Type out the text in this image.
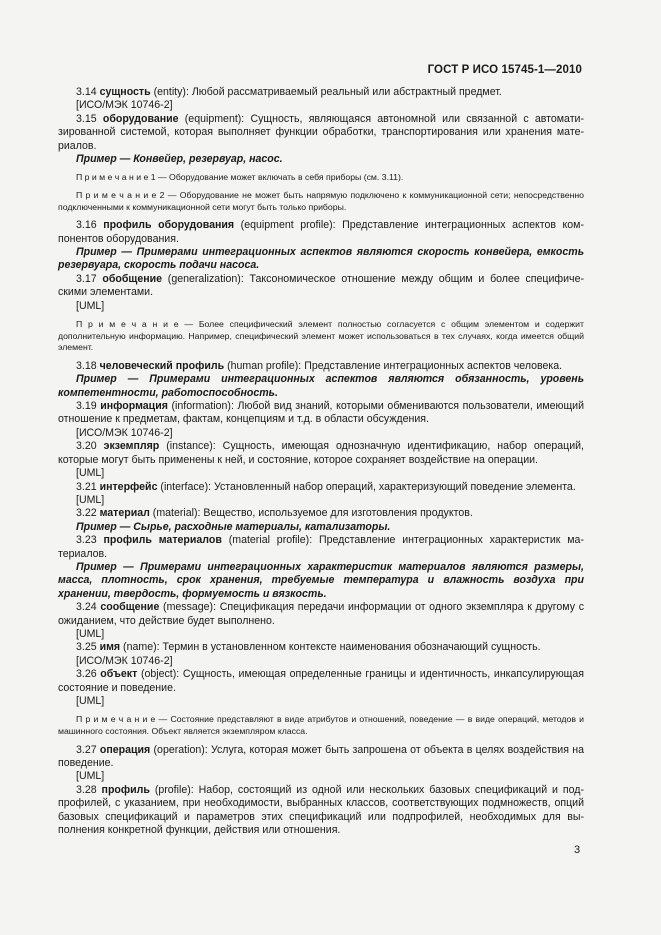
ГОСТ Р ИСО 15745-1—2010

3.14 сущность (entity): Любой рассматриваемый реальный или абстрактный предмет.

[ИСО/МЭК 10746-2]

3.15 оборудование (equipment): Сущность, являющаяся автономной или связанной с автоматизированной системой, которая выполняет функции обработки, транспортирования или хранения материалов.

Пример — Конвейер, резервуар, насос.

П р и м е ч а н и е 1 — Оборудование может включать в себя приборы (см. 3.11).

П р и м е ч а н и е 2 — Оборудование не может быть напрямую подключено к коммуникационной сети; непосредственно подключенными к коммуникационной сети могут быть только приборы.

3.16 профиль оборудования (equipment profile): Представление интеграционных аспектов компонентов оборудования.

Пример — Примерами интеграционных аспектов являются скорость конвейера, емкость резервуара, скорость подачи насоса.

3.17 обобщение (generalization): Таксономическое отношение между общим и более специфическими элементами.

[UML]

П р и м е ч а н и е — Более специфический элемент полностью согласуется с общим элементом и содержит дополнительную информацию. Например, специфический элемент может использоваться в тех случаях, когда имеется общий элемент.

3.18 человеческий профиль (human profile): Представление интеграционных аспектов человека.

Пример — Примерами интеграционных аспектов являются обязанность, уровень компетентности, работоспособность.

3.19 информация (information): Любой вид знаний, которыми обмениваются пользователи, имеющий отношение к предметам, фактам, концепциям и т.д. в области обсуждения.

[ИСО/МЭК 10746-2]

3.20 экземпляр (instance): Сущность, имеющая однозначную идентификацию, набор операций, которые могут быть применены к ней, и состояние, которое сохраняет воздействие на операции.

[UML]

3.21 интерфейс (interface): Установленный набор операций, характеризующий поведение элемента.

[UML]

3.22 материал (material): Вещество, используемое для изготовления продуктов.

Пример — Сырье, расходные материалы, катализаторы.

3.23 профиль материалов (material profile): Представление интеграционных характеристик материалов.

Пример — Примерами интеграционных характеристик материалов являются размеры, масса, плотность, срок хранения, требуемые температура и влажность воздуха при хранении, твердость, формуемость и вязкость.

3.24 сообщение (message): Спецификация передачи информации от одного экземпляра к другому с ожиданием, что действие будет выполнено.

[UML]

3.25 имя (name): Термин в установленном контексте наименования обозначающий сущность.

[ИСО/МЭК 10746-2]

3.26 объект (object): Сущность, имеющая определенные границы и идентичность, инкапсулирующая состояние и поведение.

[UML]

П р и м е ч а н и е — Состояние представляют в виде атрибутов и отношений, поведение — в виде операций, методов и машинного состояния. Объект является экземпляром класса.

3.27 операция (operation): Услуга, которая может быть запрошена от объекта в целях воздействия на поведение.

[UML]

3.28 профиль (profile): Набор, состоящий из одной или нескольких базовых спецификаций и подпрофилей, с указанием, при необходимости, выбранных классов, соответствующих подмножеств, опций базовых спецификаций и параметров этих спецификаций или подпрофилей, необходимых для выполнения конкретной функции, действия или отношения.

3
